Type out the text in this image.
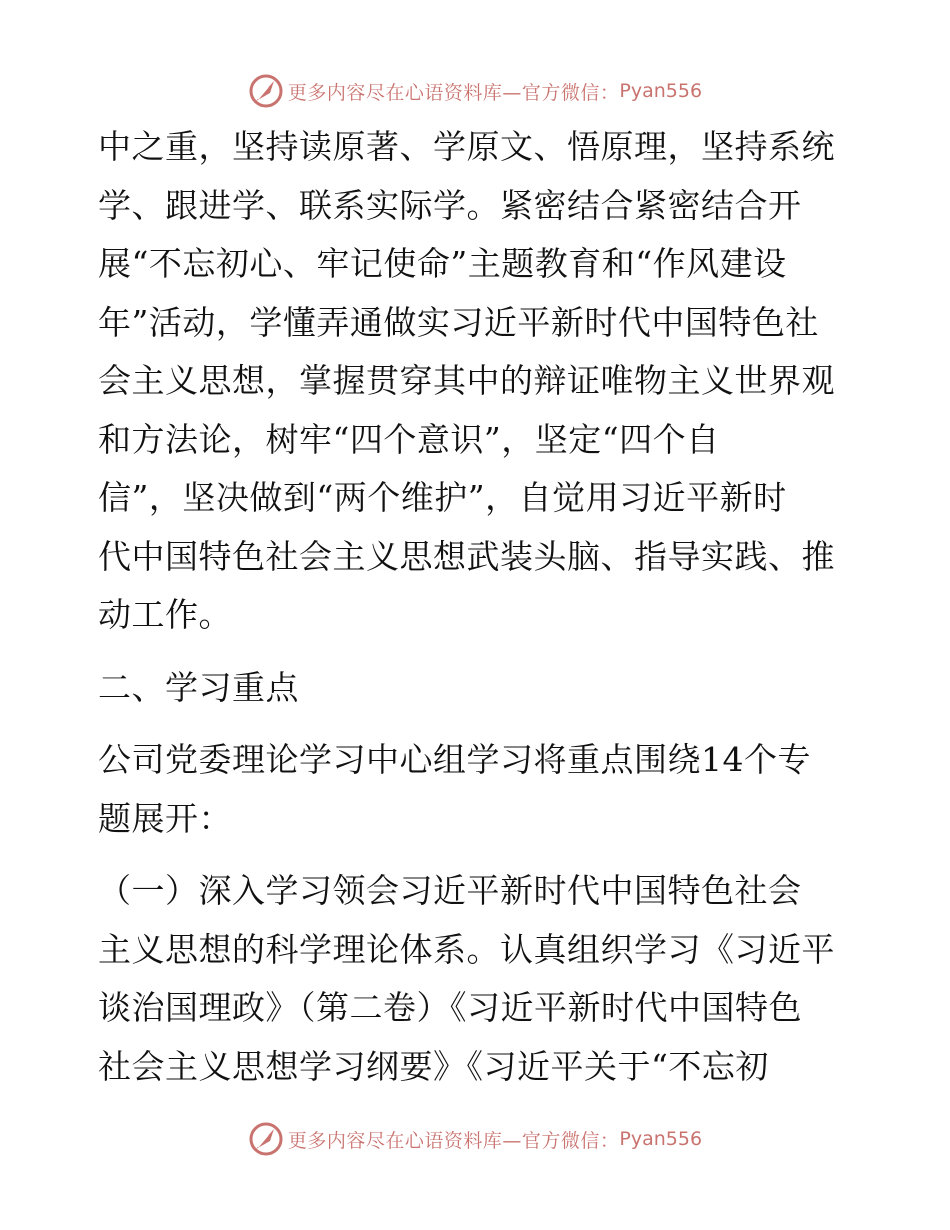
更多内容尽在心语资料库—官方微信： Pyan556
中之重，坚持读原著、学原文、悟原理，坚持系统
学、跟进学、联系实际学。紧密结合紧密结合开
展“不忘初心、牢记使命”主题教育和“作风建设
年”活动，学懂弄通做实习近平新时代中国特色社
会主义思想，掌握贯穿其中的辩证唯物主义世界观
和方法论，树牢“四个意识”，坚定“四个自
信”，坚决做到“两个维护”，自觉用习近平新时
代中国特色社会主义思想武装头脑、指导实践、推
动工作。
二、学习重点
公司党委理论学习中心组学习将重点围绕14个专
题展开：
（一）深入学习领会习近平新时代中国特色社会
主义思想的科学理论体系。认真组织学习《习近平
谈治国理政》（第二卷）《习近平新时代中国特色
社会主义思想学习纲要》《习近平关于“不忘初
更多内容尽在心语资料库—官方微信： Pyan556
